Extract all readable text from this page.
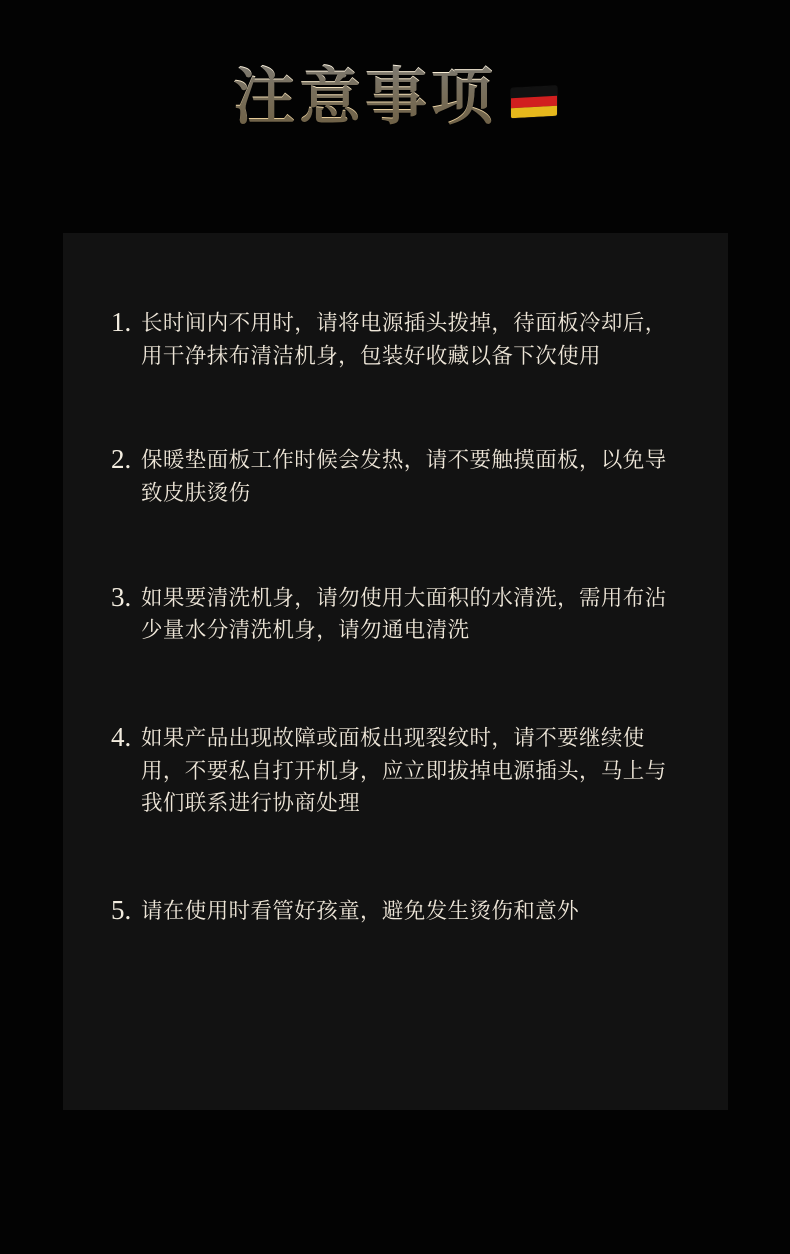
注意事项
1. 长时间内不用时，请将电源插头拨掉，待面板冷却后，用干净抹布清洁机身，包装好收藏以备下次使用
2. 保暖垫面板工作时候会发热，请不要触摸面板，以免导致皮肤烫伤
3. 如果要清洗机身，请勿使用大面积的水清洗，需用布沾少量水分清洗机身，请勿通电清洗
4. 如果产品出现故障或面板出现裂纹时，请不要继续使用，不要私自打开机身，应立即拔掉电源插头，马上与我们联系进行协商处理
5. 请在使用时看管好孩童，避免发生烫伤和意外
